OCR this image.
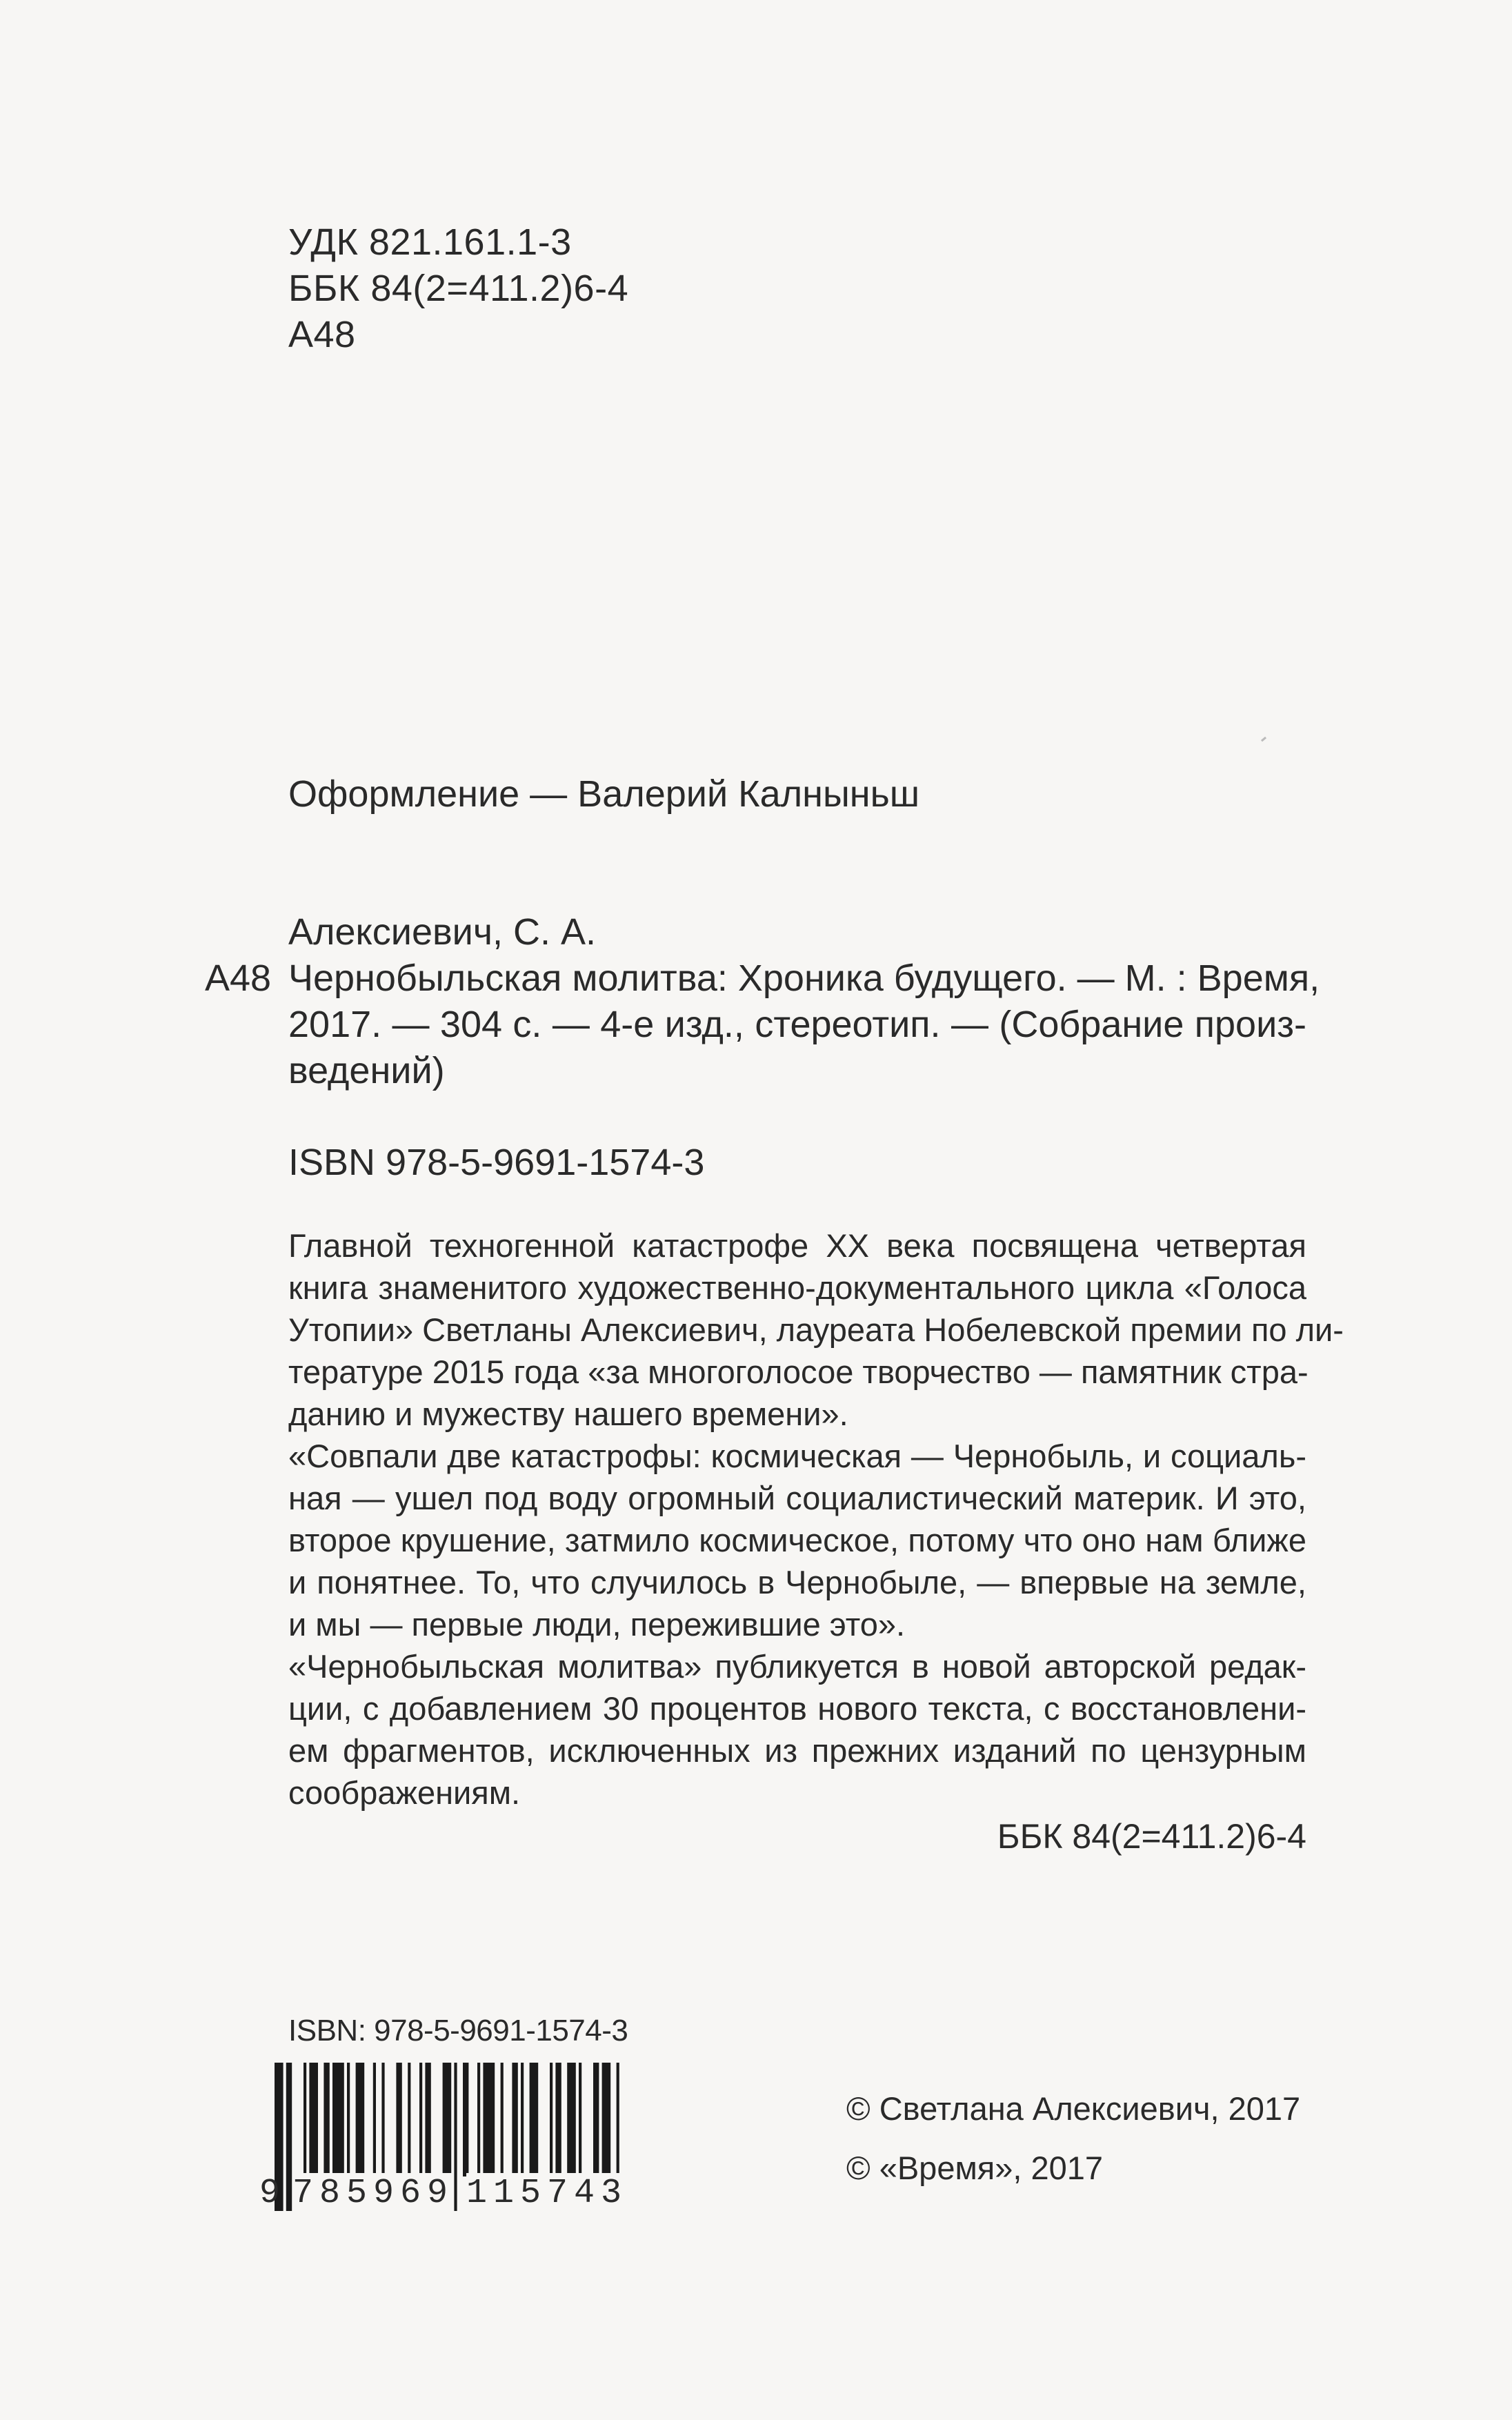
УДК 821.161.1-3
ББК 84(2=411.2)6-4
А48
Оформление — Валерий Калныньш
Алексиевич, С. А.
А48 Чернобыльская молитва: Хроника будущего. — М. : Время,
2017. — 304 с. — 4-е изд., стереотип. — (Собрание произ-
ведений)
ISBN 978-5-9691-1574-3
Главной техногенной катастрофе XX века посвящена четвертая
книга знаменитого художественно-документального цикла «Голоса
Утопии» Светланы Алексиевич, лауреата Нобелевской премии по ли-
тературе 2015 года «за многоголосое творчество — памятник стра-
данию и мужеству нашего времени».
«Совпали две катастрофы: космическая — Чернобыль, и социаль-
ная — ушел под воду огромный социалистический материк. И это,
второе крушение, затмило космическое, потому что оно нам ближе
и понятнее. То, что случилось в Чернобыле, — впервые на земле,
и мы — первые люди, пережившие это».
«Чернобыльская молитва» публикуется в новой авторской редак-
ции, с добавлением 30 процентов нового текста, с восстановлени-
ем фрагментов, исключенных из прежних изданий по цензурным
соображениям.
ББК 84(2=411.2)6-4
ISBN: 978-5-9691-1574-3
9 785969 115743
© Светлана Алексиевич, 2017
© «Время», 2017
